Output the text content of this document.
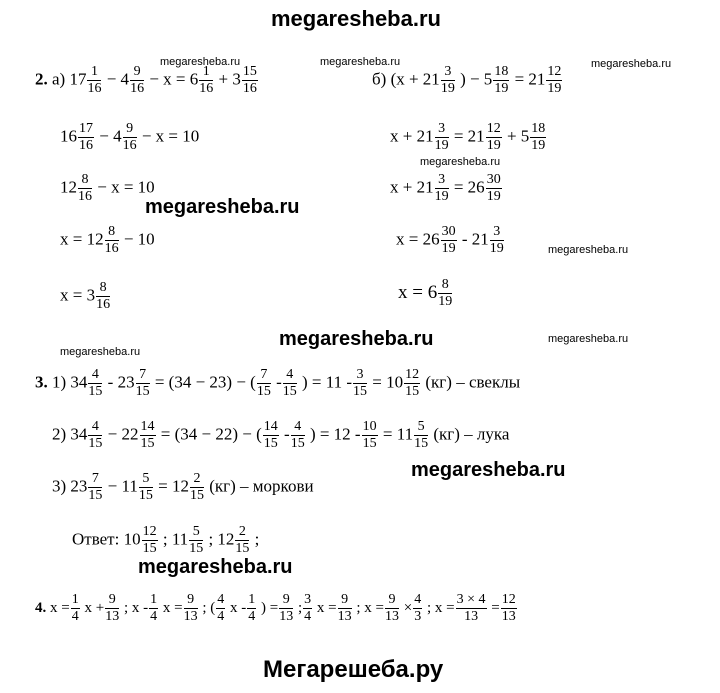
megaresheba.ru
megaresheba.ru	megaresheba.ru	megaresheba.ru
megaresheba.ru
megaresheba.ru
megaresheba.ru
megaresheba.ru	megaresheba.ru
megaresheba.ru
megaresheba.ru
megaresheba.ru
Мегарешеба.ру
2. а) $17 \frac{1}{16} - 4 \frac{9}{16} - x = 6 \frac{1}{16} + 3 \frac{15}{16}$
$16 \frac{17}{16} - 4 \frac{9}{16} - x = 10$
$12 \frac{8}{16} - x = 10$
$x = 12 \frac{8}{16} - 10$
$x = 3 \frac{8}{16}$
б) ($x + 21 \frac{3}{19}$ ) − $5 \frac{18}{19} = 21 \frac{12}{19}$
$x + 21 \frac{3}{19} = 21 \frac{12}{19} + 5 \frac{18}{19}$
$x + 21 \frac{3}{19} = 26 \frac{30}{19}$
$x = 26 \frac{30}{19} - 21 \frac{3}{19}$
$x = 6 \frac{8}{19}$
3. 1) $34 \frac{4}{15} - 23 \frac{7}{15} = (34 - 23)$ − ( $\frac{7}{15} - \frac{4}{15}$ ) = $11 - \frac{3}{15} = 10 \frac{12}{15} (кг)$ – свеклы
2) $34 \frac{4}{15} - 22 \frac{14}{15} = (34 - 22)$ − ( $\frac{14}{15} - \frac{4}{15}$ ) = $12 - \frac{10}{15} = 11 \frac{5}{15} (кг)$ – лука
3) $23 \frac{7}{15} - 11 \frac{5}{15} = 12 \frac{2}{15} (кг)$ – моркови
Ответ: $10 \frac{12}{15}$ ; $11 \frac{5}{15}$ ; $12 \frac{2}{15}$ ;
4. $x = \frac{1}{4}$ $x + \frac{9}{13}$ ; x - $\frac{1}{4}$ $x = \frac{9}{13}$ ; ( $\frac{4}{4}$ x - $\frac{1}{4}$ ) = $\frac{9}{13}$ ; $\frac{3}{4}$ $x = \frac{9}{13}$ ; $x = \frac{9}{13} \times \frac{4}{3}$ ; $x = \frac{3 \times 4}{13} = \frac{12}{13}$
